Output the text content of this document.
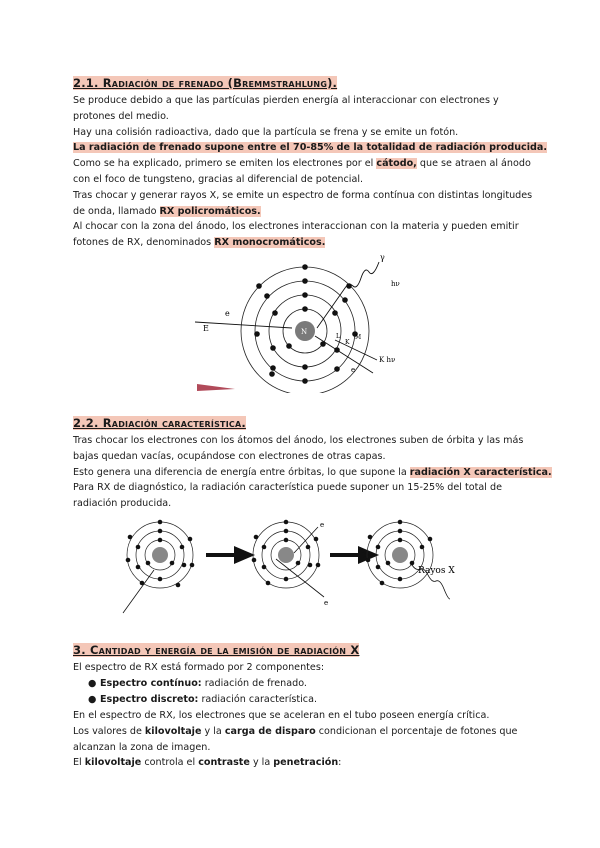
2.1. Radiación de frenado (Bremmstrahlung).
Se produce debido a que las partículas pierden energía al interaccionar con electrones y
protones del medio.
Hay una colisión radioactiva, dado que la partícula se frena y se emite un fotón.
La radiación de frenado supone entre el 70-85% de la totalidad de radiación producida.
Como se ha explicado, primero se emiten los electrones por el cátodo, que se atraen al ánodo
con el foco de tungsteno, gracias al diferencial de potencial.
Tras chocar y generar rayos X, se emite un espectro de forma contínua con distintas longitudes
de onda, llamado RX policromáticos.
Al chocar con la zona del ánodo, los electrones interaccionan con la materia y pueden emitir
fotones de RX, denominados RX monocromáticos.
N
e
E
γ
hν
e
K hν
L	M
K
2.2. Radiación característica.
Tras chocar los electrones con los átomos del ánodo, los electrones suben de órbita y las más
bajas quedan vacías, ocupándose con electrones de otras capas.
Esto genera una diferencia de energía entre órbitas, lo que supone la radiación X característica.
Para RX de diagnóstico, la radiación característica puede suponer un 15-25% del total de
radiación producida.
e
e
Rayos X
3. Cantidad y energía de la emisión de radiación X
El espectro de RX está formado por 2 componentes:
● Espectro contínuo: radiación de frenado.
● Espectro discreto: radiación característica.
En el espectro de RX, los electrones que se aceleran en el tubo poseen energía crítica.
Los valores de kilovoltaje y la carga de disparo condicionan el porcentaje de fotones que
alcanzan la zona de imagen.
El kilovoltaje controla el contraste y la penetración:
